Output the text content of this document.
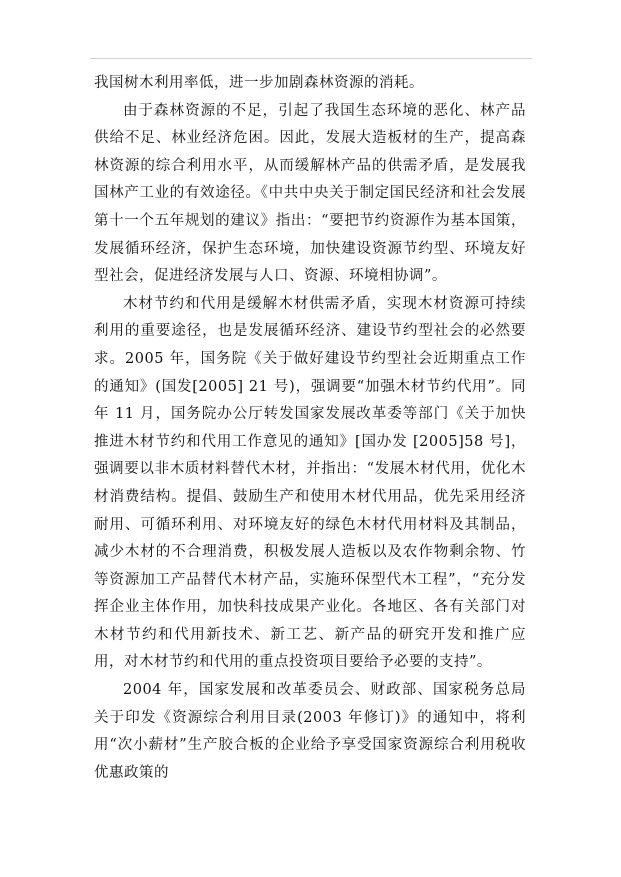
我国树木利用率低，进一步加剧森林资源的消耗。

由于森林资源的不足，引起了我国生态环境的恶化、林产品供给不足、林业经济危困。因此，发展大造板材的生产，提高森林资源的综合利用水平，从而缓解林产品的供需矛盾，是发展我国林产工业的有效途径。《中共中央关于制定国民经济和社会发展第十一个五年规划的建议》指出：“要把节约资源作为基本国策，发展循环经济，保护生态环境，加快建设资源节约型、环境友好型社会，促进经济发展与人口、资源、环境相协调”。

木材节约和代用是缓解木材供需矛盾，实现木材资源可持续利用的重要途径，也是发展循环经济、建设节约型社会的必然要求。2005 年，国务院《关于做好建设节约型社会近期重点工作的通知》(国发[2005] 21 号)，强调要“加强木材节约代用”。同年 11 月，国务院办公厅转发国家发展改革委等部门《关于加快推进木材节约和代用工作意见的通知》[国办发 [2005]58 号]，强调要以非木质材料替代木材，并指出：“发展木材代用，优化木材消费结构。提倡、鼓励生产和使用木材代用品，优先采用经济耐用、可循环利用、对环境友好的绿色木材代用材料及其制品，减少木材的不合理消费，积极发展人造板以及农作物剩余物、竹等资源加工产品替代木材产品，实施环保型代木工程”，“充分发挥企业主体作用，加快科技成果产业化。各地区、各有关部门对木材节约和代用新技术、新工艺、新产品的研究开发和推广应用，对木材节约和代用的重点投资项目要给予必要的支持”。

2004 年，国家发展和改革委员会、财政部、国家税务总局关于印发《资源综合利用目录(2003 年修订)》的通知中，将利用“次小薪材”生产胶合板的企业给予享受国家资源综合利用税收优惠政策的
